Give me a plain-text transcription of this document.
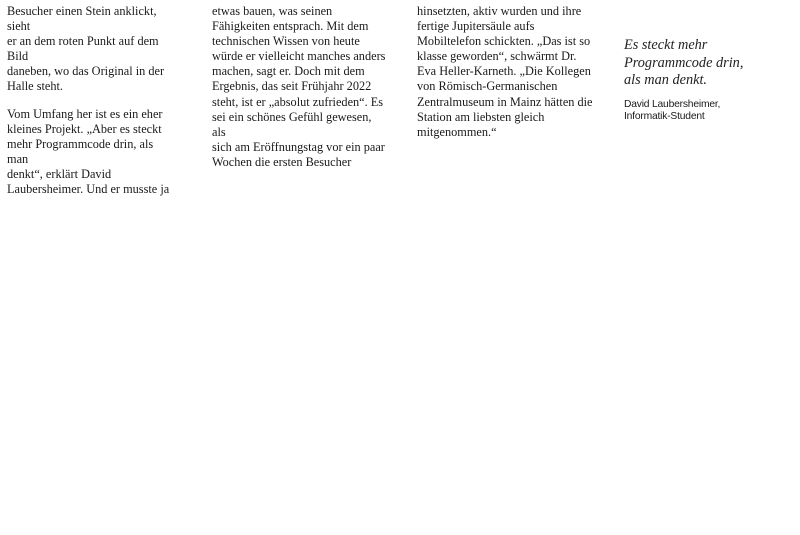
Besucher einen Stein anklickt, sieht
er an dem roten Punkt auf dem Bild
daneben, wo das Original in der
Halle steht.

Vom Umfang her ist es ein eher
kleines Projekt. „Aber es steckt
mehr Programmcode drin, als man
denkt“, erklärt David
Laubersheimer. Und er musste ja

etwas bauen, was seinen
Fähigkeiten entsprach. Mit dem
technischen Wissen von heute
würde er vielleicht manches anders
machen, sagt er. Doch mit dem
Ergebnis, das seit Frühjahr 2022
steht, ist er „absolut zufrieden“. Es
sei ein schönes Gefühl gewesen, als
sich am Eröffnungstag vor ein paar
Wochen die ersten Besucher

hinsetzten, aktiv wurden und ihre
fertige Jupitersäule aufs
Mobiltelefon schickten. „Das ist so
klasse geworden“, schwärmt Dr.
Eva Heller-Karneth. „Die Kollegen
von Römisch-Germanischen
Zentralmuseum in Mainz hätten die
Station am liebsten gleich
mitgenommen.“

Es steckt mehr
Programmcode drin,
als man denkt.

David Laubersheimer,
Informatik-Student
